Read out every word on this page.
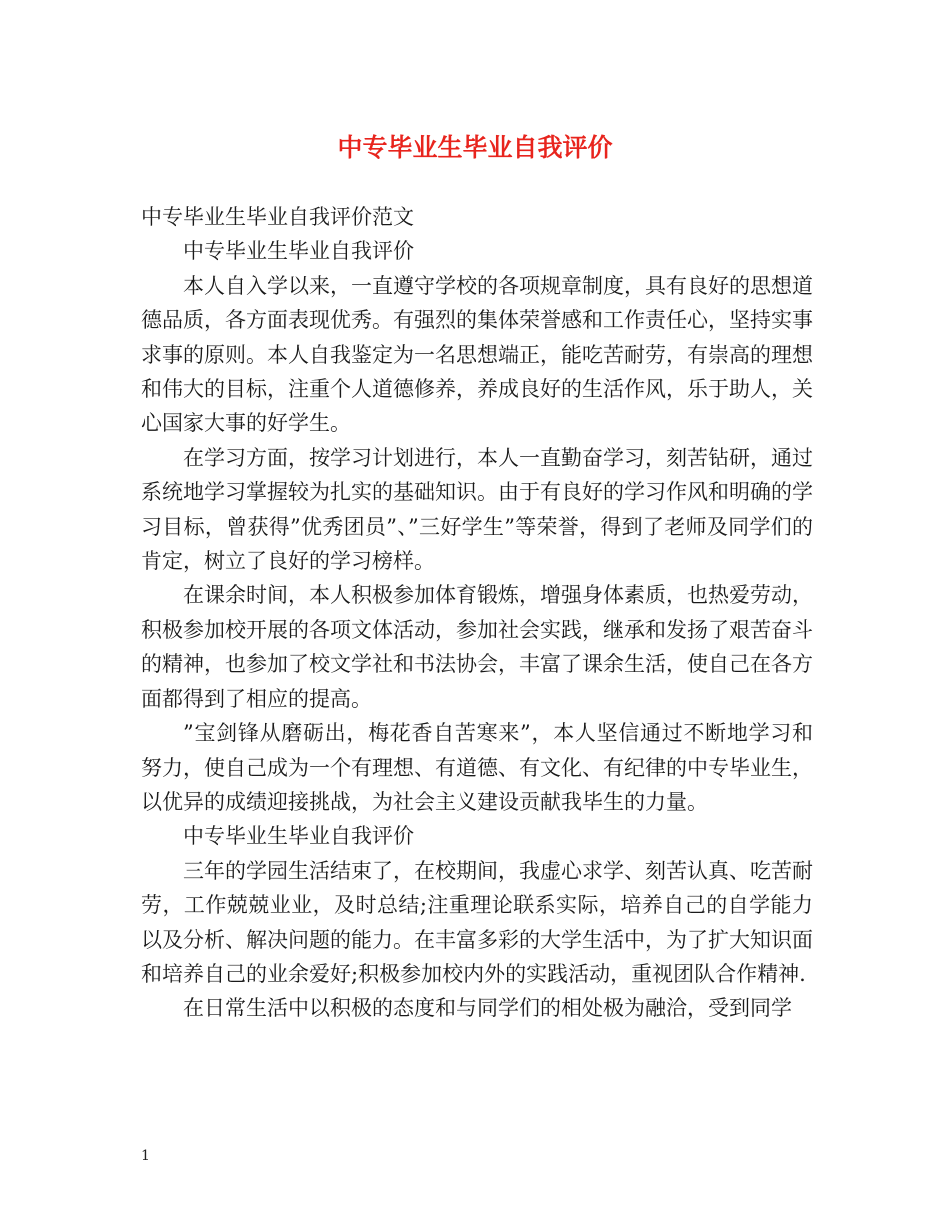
中专毕业生毕业自我评价

中专毕业生毕业自我评价范文

中专毕业生毕业自我评价

本人自入学以来，一直遵守学校的各项规章制度，具有良好的思想道德品质，各方面表现优秀。有强烈的集体荣誉感和工作责任心，坚持实事求事的原则。本人自我鉴定为一名思想端正，能吃苦耐劳，有崇高的理想和伟大的目标，注重个人道德修养，养成良好的生活作风，乐于助人，关心国家大事的好学生。

在学习方面，按学习计划进行，本人一直勤奋学习，刻苦钻研，通过系统地学习掌握较为扎实的基础知识。由于有良好的学习作风和明确的学习目标，曾获得”优秀团员”、”三好学生”等荣誉，得到了老师及同学们的肯定，树立了良好的学习榜样。

在课余时间，本人积极参加体育锻炼，增强身体素质，也热爱劳动，积极参加校开展的各项文体活动，参加社会实践，继承和发扬了艰苦奋斗的精神，也参加了校文学社和书法协会，丰富了课余生活，使自己在各方面都得到了相应的提高。

”宝剑锋从磨砺出，梅花香自苦寒来”，本人坚信通过不断地学习和努力，使自己成为一个有理想、有道德、有文化、有纪律的中专毕业生，以优异的成绩迎接挑战，为社会主义建设贡献我毕生的力量。

中专毕业生毕业自我评价

三年的学园生活结束了，在校期间，我虚心求学、刻苦认真、吃苦耐劳，工作兢兢业业，及时总结;注重理论联系实际，培养自己的自学能力以及分析、解决问题的能力。在丰富多彩的大学生活中，为了扩大知识面和培养自己的业余爱好;积极参加校内外的实践活动，重视团队合作精神.

在日常生活中以积极的态度和与同学们的相处极为融洽，受到同学

1
